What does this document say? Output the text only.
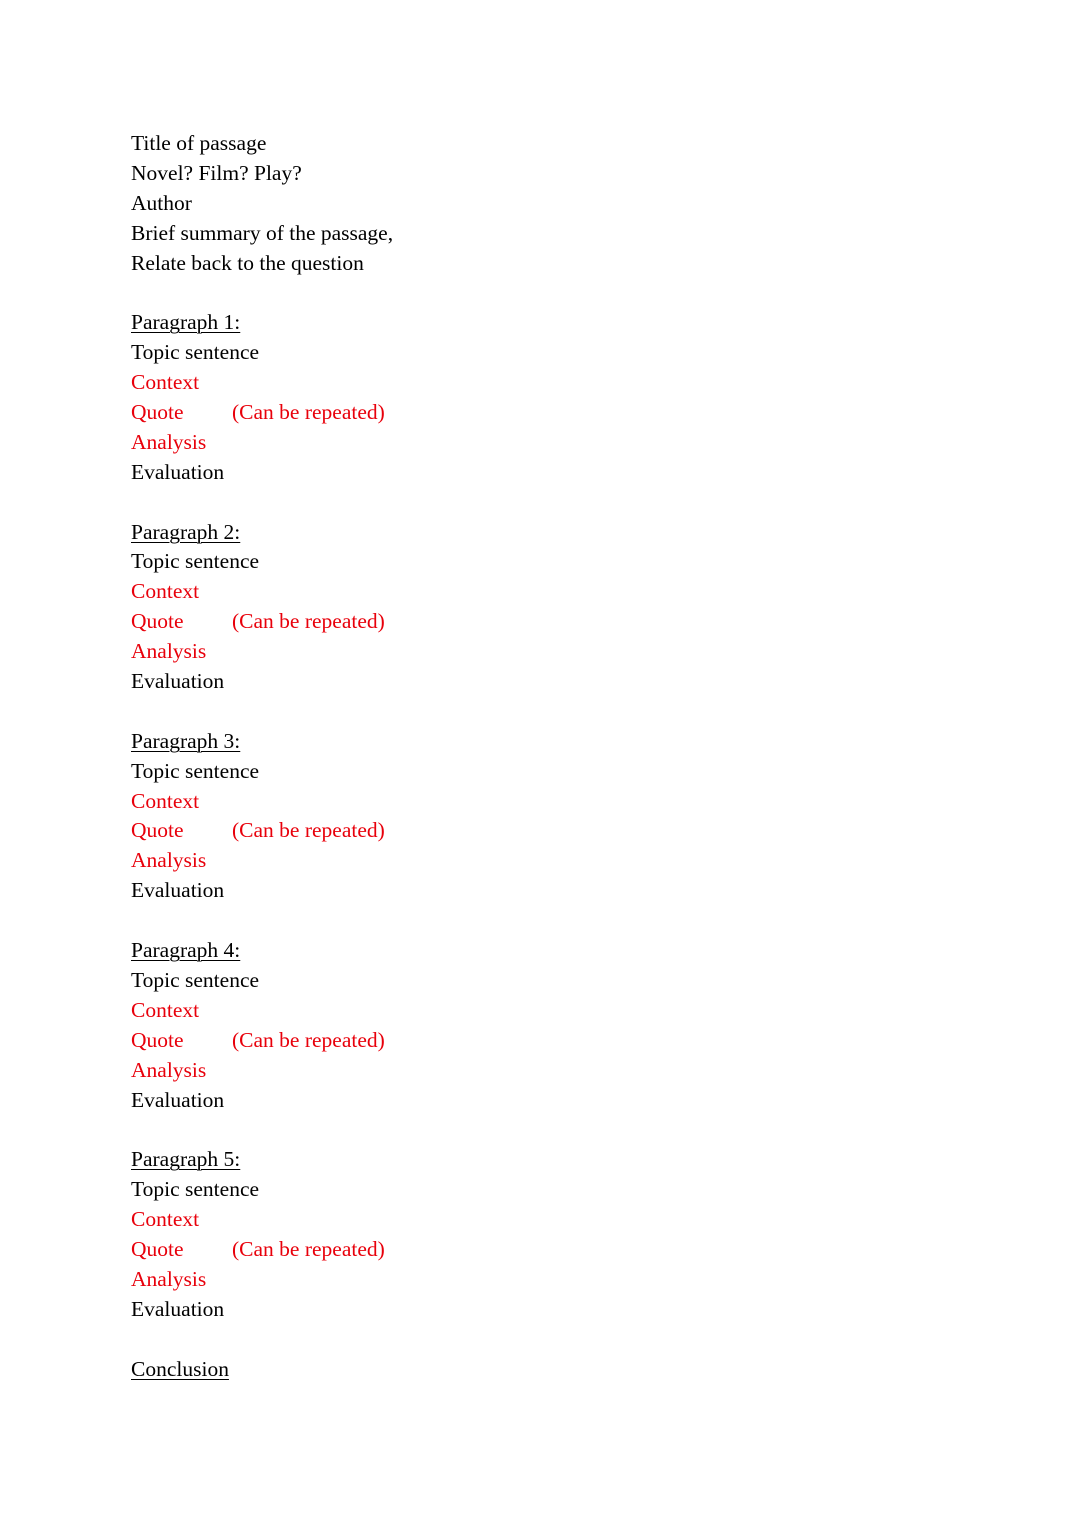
Title of passage
Novel? Film? Play?
Author
Brief summary of the passage,
Relate back to the question
Paragraph 1:
Topic sentence
Context
Quote (Can be repeated)
Analysis
Evaluation
Paragraph 2:
Topic sentence
Context
Quote (Can be repeated)
Analysis
Evaluation
Paragraph 3:
Topic sentence
Context
Quote (Can be repeated)
Analysis
Evaluation
Paragraph 4:
Topic sentence
Context
Quote (Can be repeated)
Analysis
Evaluation
Paragraph 5:
Topic sentence
Context
Quote (Can be repeated)
Analysis
Evaluation
Conclusion
